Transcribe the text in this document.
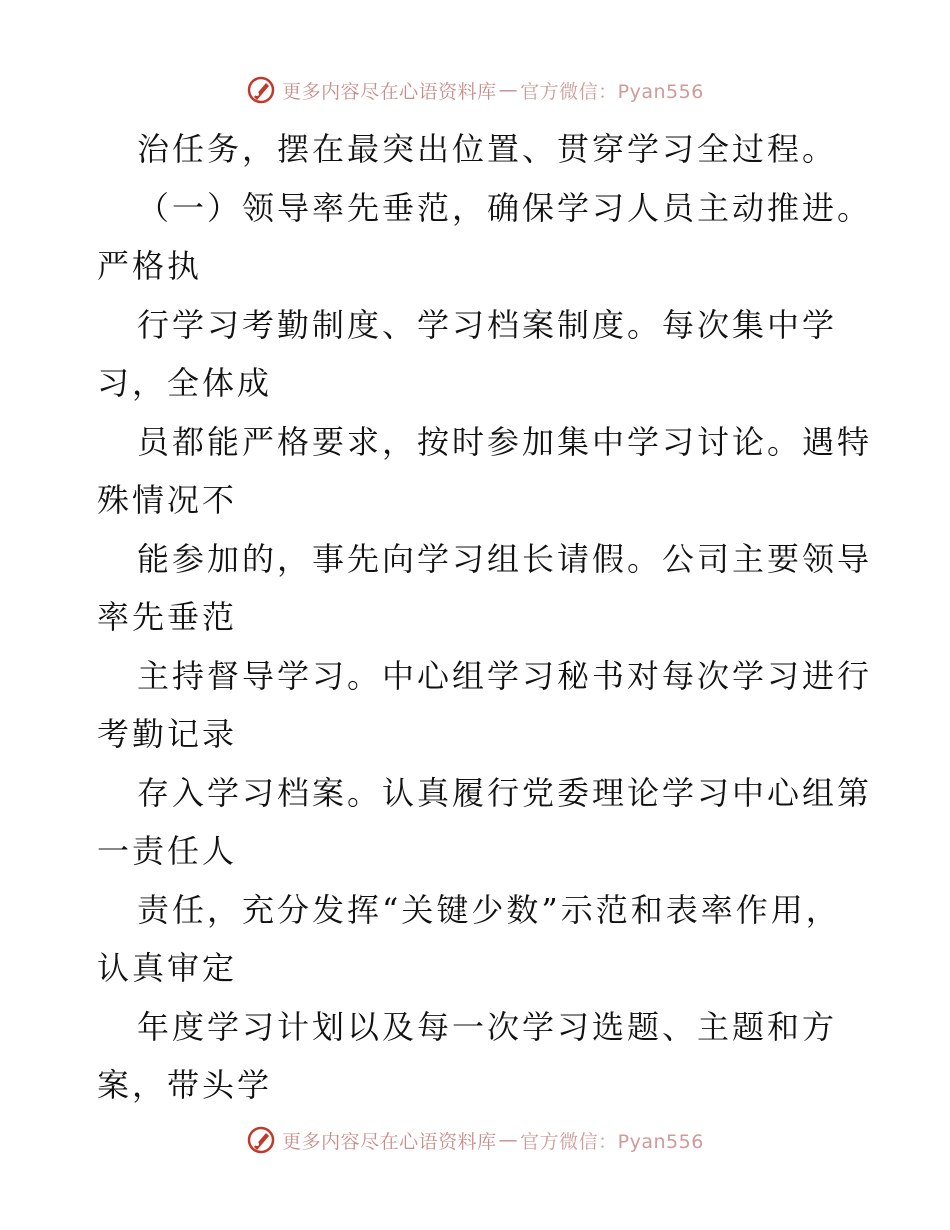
更多内容尽在心语资料库 — 官方微信：Pyan556
治任务，摆在最突出位置、贯穿学习全过程。
（一）领导率先垂范，确保学习人员主动推进。
严格执
行学习考勤制度、学习档案制度。每次集中学
习，全体成
员都能严格要求，按时参加集中学习讨论。遇特
殊情况不
能参加的，事先向学习组长请假。公司主要领导
率先垂范
主持督导学习。中心组学习秘书对每次学习进行
考勤记录
存入学习档案。认真履行党委理论学习中心组第
一责任人
责任，充分发挥“关键少数”示范和表率作用，
认真审定
年度学习计划以及每一次学习选题、主题和方
案，带头学
更多内容尽在心语资料库 — 官方微信：Pyan556
